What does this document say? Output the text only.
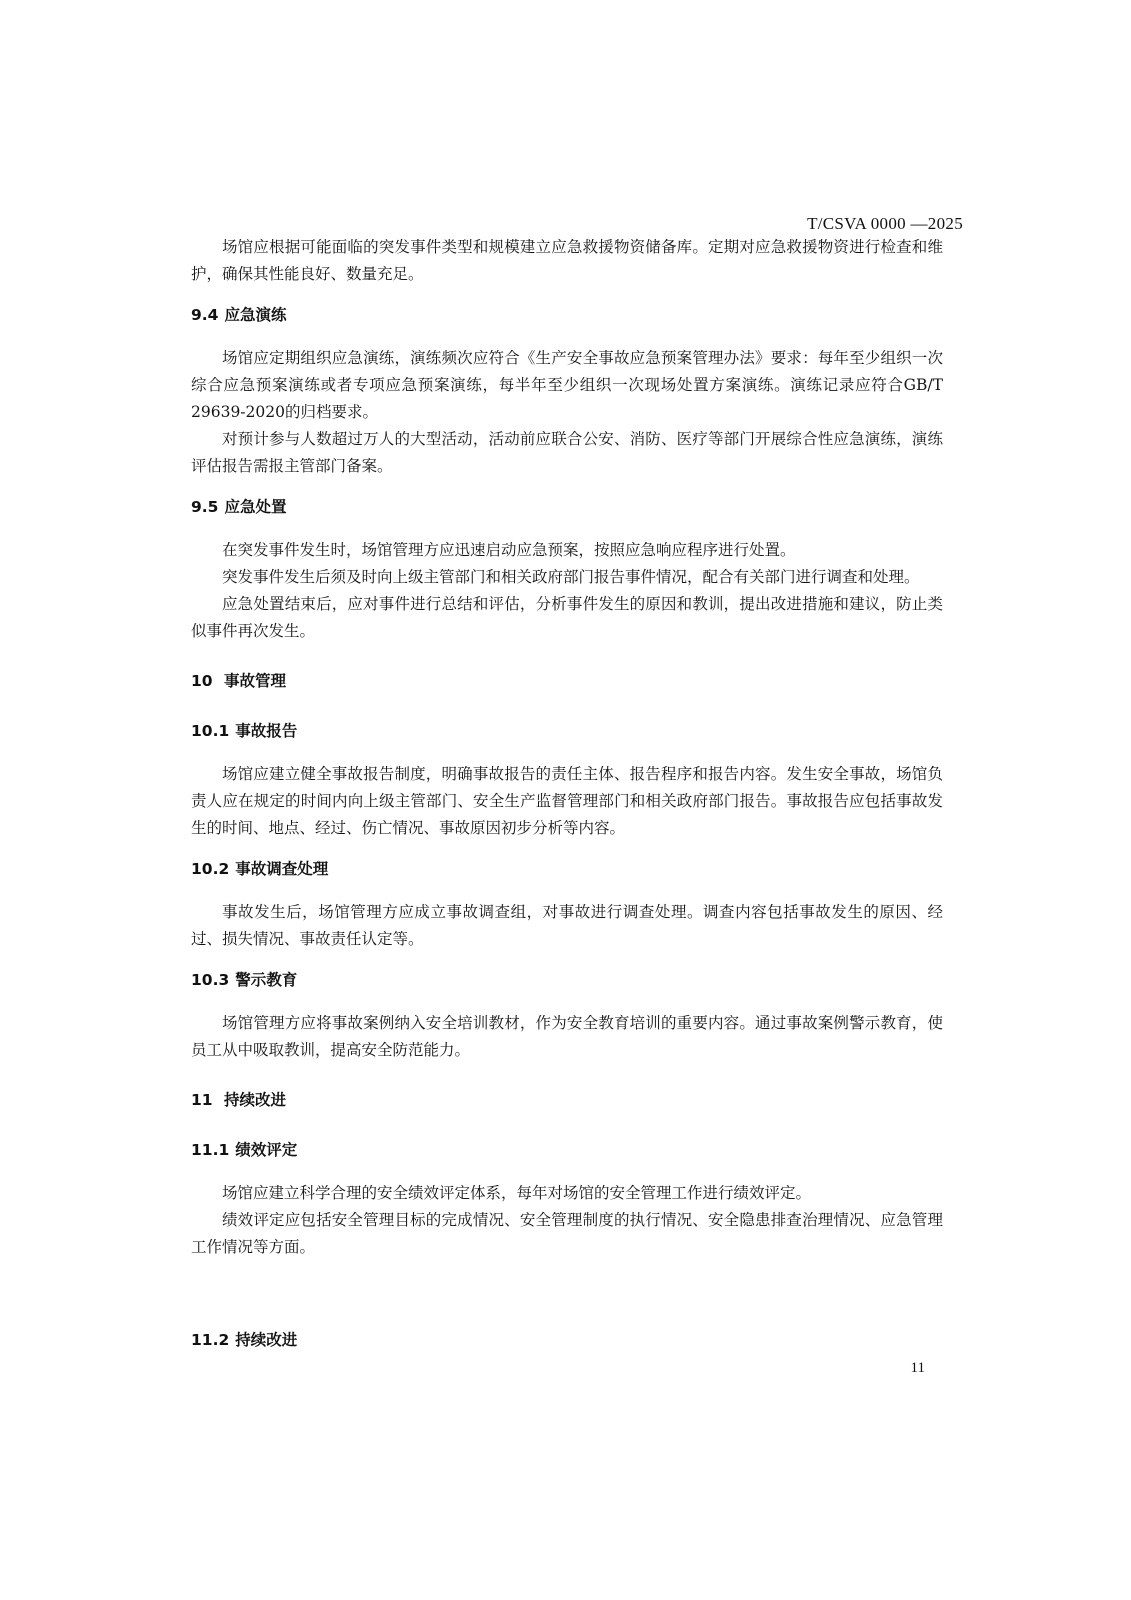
T/CSVA 0000 —2025

场馆应根据可能面临的突发事件类型和规模建立应急救援物资储备库。定期对应急救援物资进行检查和维护，确保其性能良好、数量充足。

9.4 应急演练

场馆应定期组织应急演练，演练频次应符合《生产安全事故应急预案管理办法》要求：每年至少组织一次综合应急预案演练或者专项应急预案演练，每半年至少组织一次现场处置方案演练。演练记录应符合GB/T 29639-2020的归档要求。

对预计参与人数超过万人的大型活动，活动前应联合公安、消防、医疗等部门开展综合性应急演练，演练评估报告需报主管部门备案。

9.5 应急处置

在突发事件发生时，场馆管理方应迅速启动应急预案，按照应急响应程序进行处置。

突发事件发生后须及时向上级主管部门和相关政府部门报告事件情况，配合有关部门进行调查和处理。

应急处置结束后，应对事件进行总结和评估，分析事件发生的原因和教训，提出改进措施和建议，防止类似事件再次发生。

10 事故管理
10.1 事故报告

场馆应建立健全事故报告制度，明确事故报告的责任主体、报告程序和报告内容。发生安全事故，场馆负责人应在规定的时间内向上级主管部门、安全生产监督管理部门和相关政府部门报告。事故报告应包括事故发生的时间、地点、经过、伤亡情况、事故原因初步分析等内容。

10.2 事故调查处理

事故发生后，场馆管理方应成立事故调查组，对事故进行调查处理。调查内容包括事故发生的原因、经过、损失情况、事故责任认定等。

10.3 警示教育

场馆管理方应将事故案例纳入安全培训教材，作为安全教育培训的重要内容。通过事故案例警示教育，使员工从中吸取教训，提高安全防范能力。

11 持续改进
11.1 绩效评定

场馆应建立科学合理的安全绩效评定体系，每年对场馆的安全管理工作进行绩效评定。

绩效评定应包括安全管理目标的完成情况、安全管理制度的执行情况、安全隐患排查治理情况、应急管理工作情况等方面。

11.2 持续改进
11
